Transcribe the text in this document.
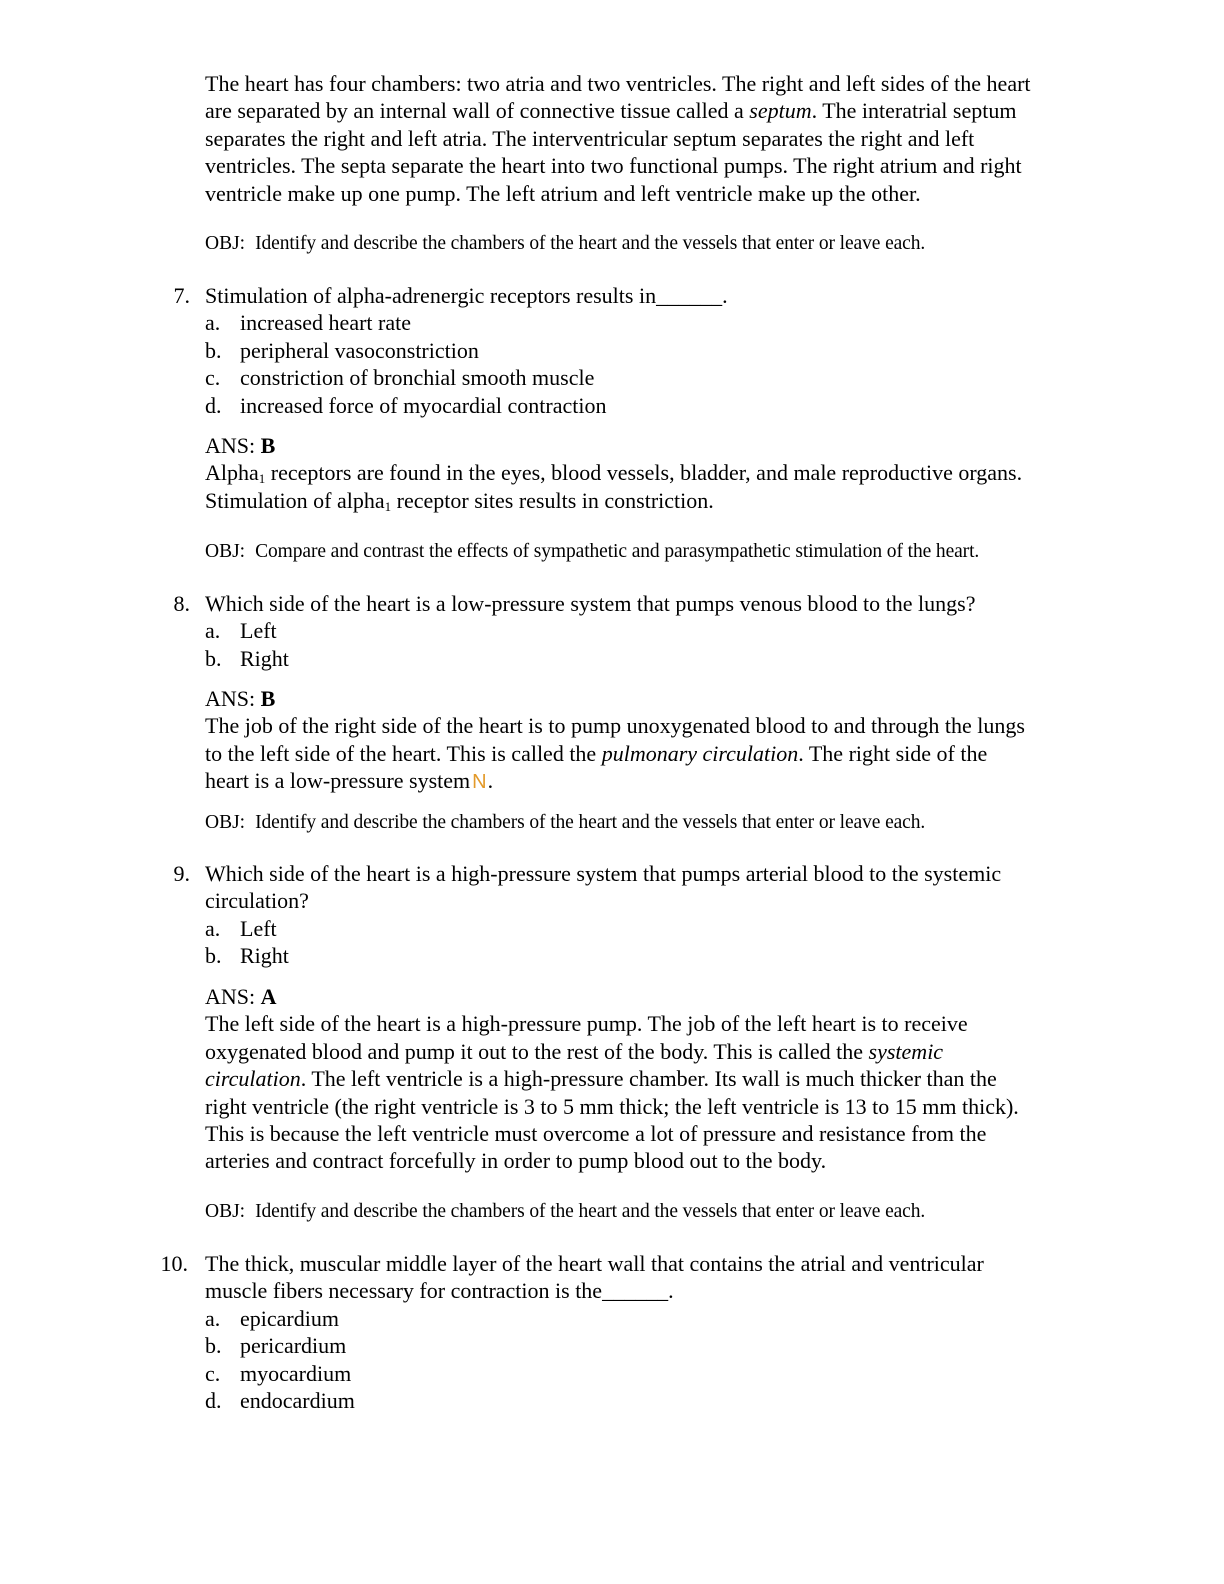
The heart has four chambers: two atria and two ventricles. The right and left sides of the heart
are separated by an internal wall of connective tissue called a septum. The interatrial septum
separates the right and left atria. The interventricular septum separates the right and left
ventricles. The septa separate the heart into two functional pumps. The right atrium and right
ventricle make up one pump. The left atrium and left ventricle make up the other.
OBJ: Identify and describe the chambers of the heart and the vessels that enter or leave each.
7. Stimulation of alpha-adrenergic receptors results in______.
a. increased heart rate
b. peripheral vasoconstriction
c. constriction of bronchial smooth muscle
d. increased force of myocardial contraction
ANS: B
Alpha$_1$ receptors are found in the eyes, blood vessels, bladder, and male reproductive organs.
Stimulation of alpha$_1$ receptor sites results in constriction.
OBJ: Compare and contrast the effects of sympathetic and parasympathetic stimulation of the heart.
8. Which side of the heart is a low-pressure system that pumps venous blood to the lungs?
a. Left
b. Right
ANS: B
The job of the right side of the heart is to pump unoxygenated blood to and through the lungs
to the left side of the heart. This is called the pulmonary circulation. The right side of the
heart is a low-pressure system N.
OBJ: Identify and describe the chambers of the heart and the vessels that enter or leave each.
9. Which side of the heart is a high-pressure system that pumps arterial blood to the systemic
circulation?
a. Left
b. Right
ANS: A
The left side of the heart is a high-pressure pump. The job of the left heart is to receive
oxygenated blood and pump it out to the rest of the body. This is called the systemic
circulation. The left ventricle is a high-pressure chamber. Its wall is much thicker than the
right ventricle (the right ventricle is 3 to 5 mm thick; the left ventricle is 13 to 15 mm thick).
This is because the left ventricle must overcome a lot of pressure and resistance from the
arteries and contract forcefully in order to pump blood out to the body.
OBJ: Identify and describe the chambers of the heart and the vessels that enter or leave each.
10. The thick, muscular middle layer of the heart wall that contains the atrial and ventricular
muscle fibers necessary for contraction is the______.
a. epicardium
b. pericardium
c. myocardium
d. endocardium
